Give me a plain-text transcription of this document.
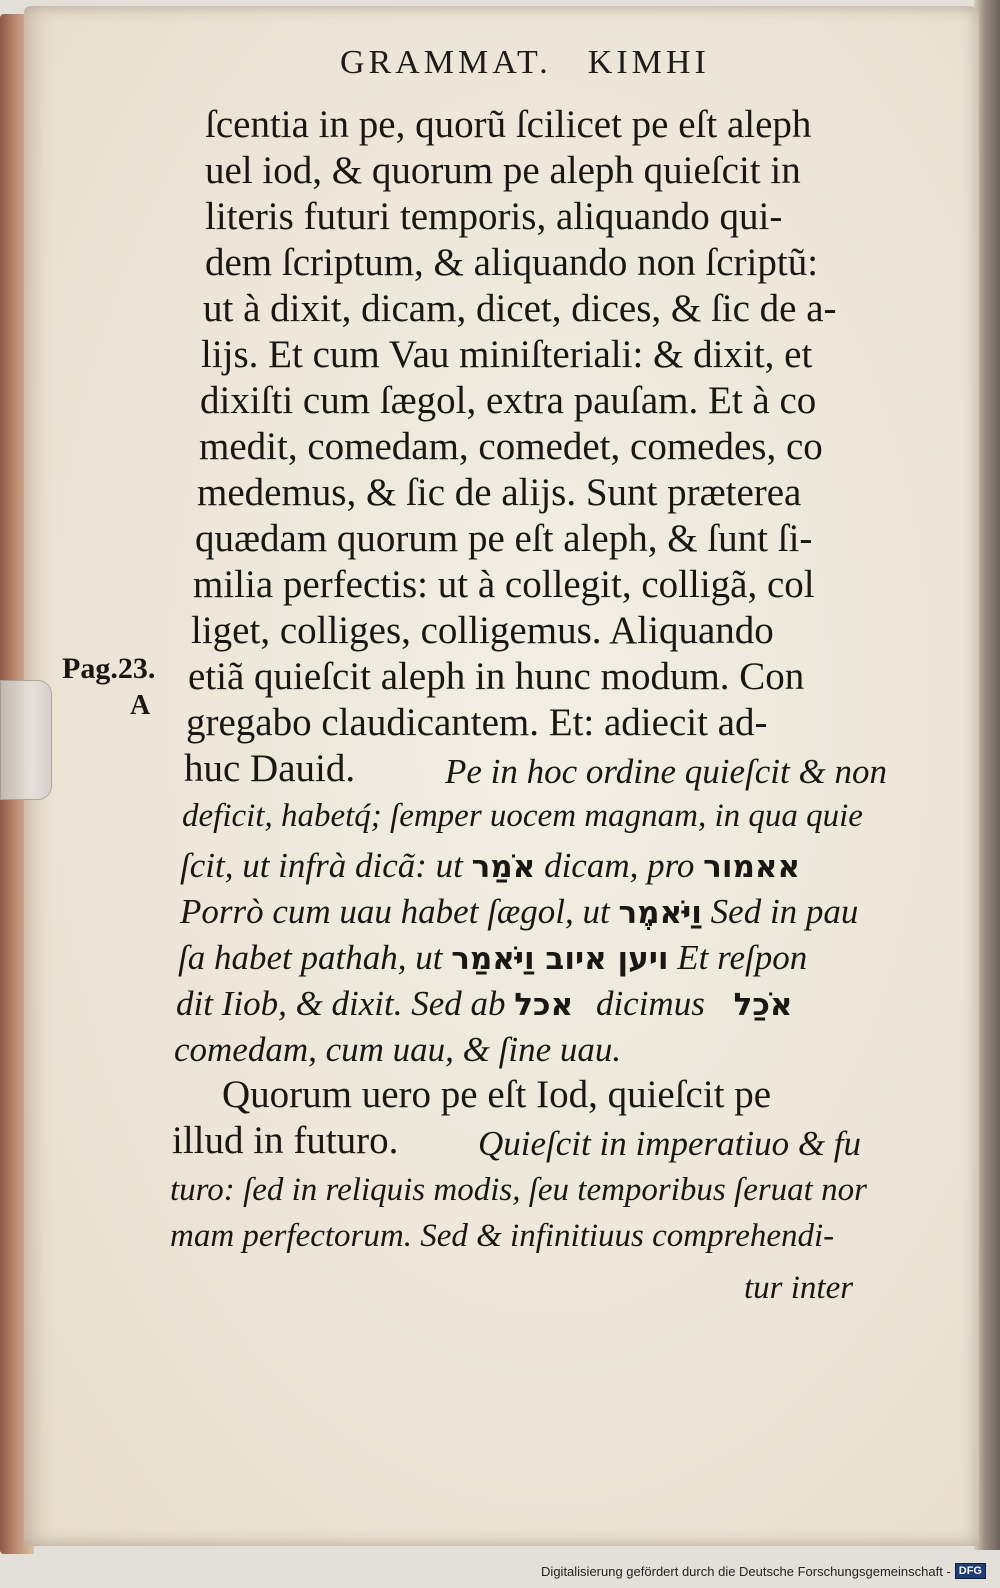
GRAMMAT. KIMHI
ſcentia in pe, quorũ ſcilicet pe eſt aleph
uel iod, & quorum pe aleph quieſcit in
literis futuri temporis, aliquando qui-
dem ſcriptum, & aliquando non ſcriptũ:
ut à dixit, dicam, dicet, dices, & ſic de a-
lijs. Et cum Vau miniſteriali: & dixit, et
dixiſti cum ſægol, extra pauſam. Et à co
medit, comedam, comedet, comedes, co
medemus, & ſic de alijs. Sunt præterea
quædam quorum pe eſt aleph, & ſunt ſi-
milia perfectis: ut à collegit, colligã, col
liget, colliges, colligemus. Aliquando
etiã quieſcit aleph in hunc modum. Con
gregabo claudicantem. Et: adiecit ad-
huc Dauid.
Pag.23.
A
Pe in hoc ordine quieſcit & non
deficit, habetq́; ſemper uocem magnam, in qua quie
ſcit, ut infrà dicã: ut אֹמַר dicam, pro אאמור
Porrò cum uau habet ſægol, ut וַיֹּאמֶר Sed in pau
ſa habet pathah, ut ויען איוב וַיֹּאמַר Et reſpon
dit Iiob, & dixit. Sed ab אכל dicimus אֹכַל
comedam, cum uau, & ſine uau.
Quorum uero pe eſt Iod, quieſcit pe
illud in futuro. Quieſcit in imperatiuo & fu
turo: ſed in reliquis modis, ſeu temporibus ſeruat nor
mam perfectorum. Sed & infinitiuus comprehendi-
tur inter
Digitalisierung gefördert durch die Deutsche Forschungsgemeinschaft - DFG
